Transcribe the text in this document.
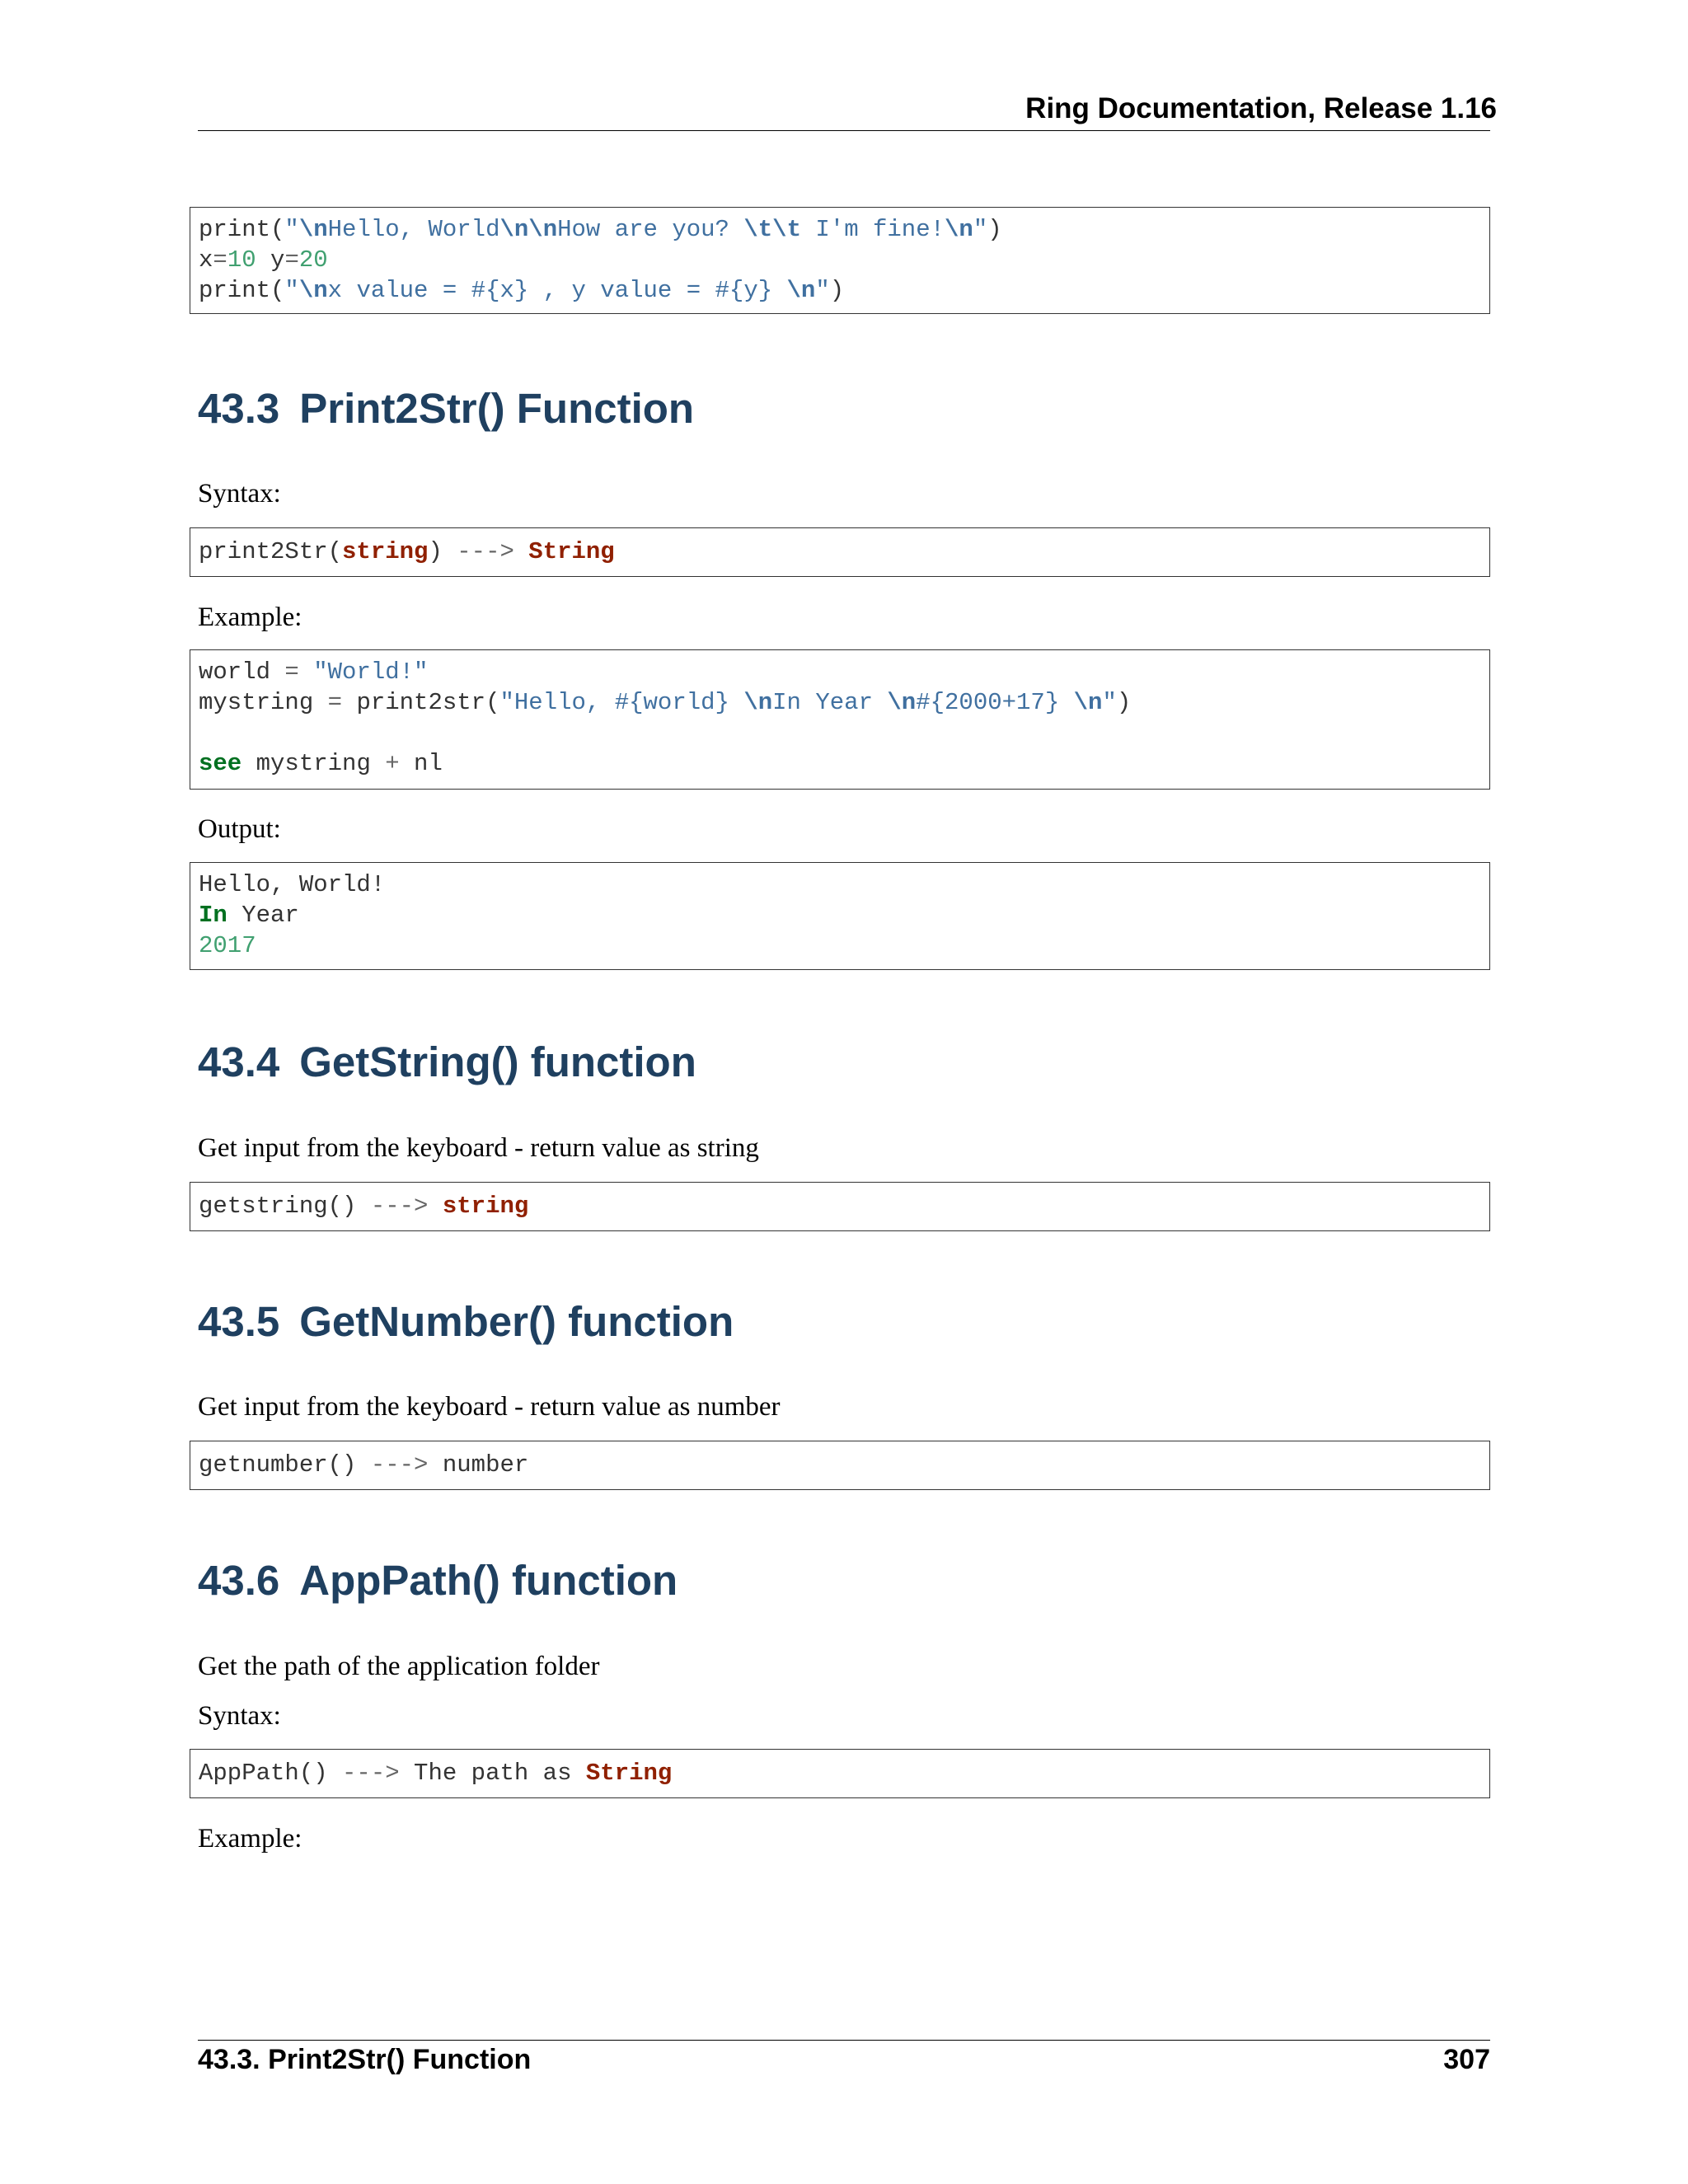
Ring Documentation, Release 1.16
print("\nHello, World\n\nHow are you? \t\t I'm fine!\n")
x=10 y=20
print("\nx value = #{x} , y value = #{y} \n")
43.3 Print2Str() Function
Syntax:
print2Str(string) ---> String
Example:
world = "World!"
mystring = print2str("Hello, #{world} \nIn Year \n#{2000+17} \n")
see mystring + nl
Output:
Hello, World!
In Year
2017
43.4 GetString() function
Get input from the keyboard - return value as string
getstring() ---> string
43.5 GetNumber() function
Get input from the keyboard - return value as number
getnumber() ---> number
43.6 AppPath() function
Get the path of the application folder
Syntax:
AppPath() ---> The path as String
Example:
43.3. Print2Str() Function	307
